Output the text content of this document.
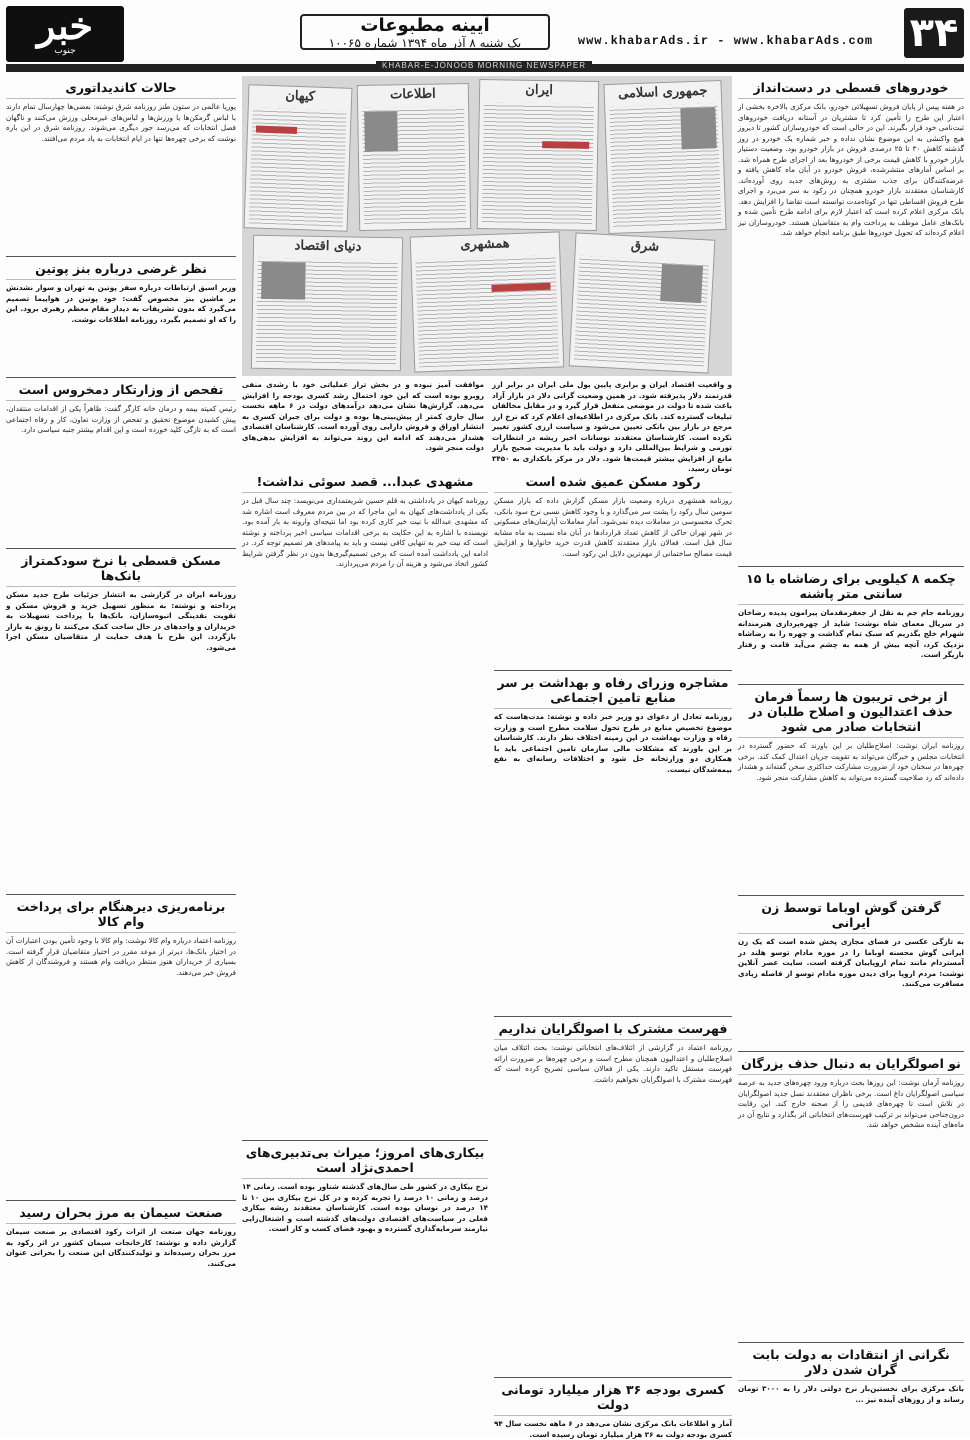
۳۴
www.khabarAds.ir - www.khabarAds.com
آیینه مطبوعات
یک شنبه ۸ آذر ماه ۱۳۹۴ شماره ۱۰۰۶۵
خبر
جنوب
KHABAR-E-JONOOB MORNING NEWSPAPER
خودروهای قسطی در دست‌انداز
در هفته پیس از پایان فروش تسهیلاتی خودرو، بانک مرکزی بالاخره بخشی از اعتبار این طرح را تأمین کرد تا مشتریان در آستانه دریافت خودروهای ثبت‌نامی خود قرار بگیرند. این در حالی است که خودروسازان کشور تا دیروز هیچ واکنشی به این موضوع نشان نداده و خبر شماره یک خودرو در روز گذشته کاهش ۳۰ تا ۲۵ درصدی فروش در بازار خودرو بود. وضعیت دستیار بازار خودرو با کاهش قیمت برخی از خودروها بعد از اجرای طرح همراه شد. بر اساس آمارهای منتشرشده، فروش خودرو در آبان ماه کاهش یافته و عرضه‌کنندگان برای جذب مشتری به روش‌های جدید روی آورده‌اند. کارشناسان معتقدند بازار خودرو همچنان در رکود به سر می‌برد و اجرای طرح فروش اقساطی تنها در کوتاه‌مدت توانسته است تقاضا را افزایش دهد. بانک مرکزی اعلام کرده است که اعتبار لازم برای ادامه طرح تأمین شده و بانک‌های عامل موظف به پرداخت وام به متقاضیان هستند. خودروسازان نیز اعلام کرده‌اند که تحویل خودروها طبق برنامه انجام خواهد شد.
چکمه ۸ کیلویی برای رضاشاه با ۱۵ سانتی متر پاشنه
روزنامه جام جم به نقل از جعفرمقدمان پیرامون پدیده رضاخان در سریال معمای شاه نوشت: شاید از چهره‌پردازی هنرمندانه شهرام خلج بگذریم که سبک تمام گذاشت و چهره را به رضاشاه نزدیک کرد، آنچه بیش از همه به چشم می‌آید قامت و رفتار بازیگر است.
از برخی تریبون ها رسماً فرمان حذف اعتدالیون و اصلاح طلبان در انتخابات صادر می شود
روزنامه ایران نوشت: اصلاح‌طلبان بر این باورند که حضور گسترده در انتخابات مجلس و خبرگان می‌تواند به تقویت جریان اعتدال کمک کند. برخی چهره‌ها در سخنان خود از ضرورت مشارکت حداکثری سخن گفته‌اند و هشدار داده‌اند که رد صلاحیت گسترده می‌تواند به کاهش مشارکت منجر شود.
گرفتن گوش اوباما توسط زن ایرانی
به تازگی عکسی در فضای مجازی پخش شده است که یک زن ایرانی گوش محسنه اوباما را در موزه مادام توسو هلند در آمستردام مانند تمام اروپاییان گرفته است. سایت عصر آنلاین نوشت: مردم اروپا برای دیدن موزه مادام توسو از فاصله زیادی مسافرت می‌کنند.
نو اصولگرایان به دنبال حذف بزرگان
روزنامه آرمان نوشت: این روزها بحث درباره ورود چهره‌های جدید به عرصه سیاسی اصولگرایان داغ است. برخی ناظران معتقدند نسل جدید اصولگرایان در تلاش است تا چهره‌های قدیمی را از صحنه خارج کند. این رقابت درون‌جناحی می‌تواند بر ترکیب فهرست‌های انتخاباتی اثر بگذارد و نتایج آن در ماه‌های آینده مشخص خواهد شد.
نگرانی از انتقادات به دولت بابت گران شدن دلار
بانک مرکزی برای نخستین‌بار نرخ دولتی دلار را به ۳۰۰۰ تومان رساند و از روزهای آینده نیز ...
جمهوری اسلامی
ایران
اطلاعات
کیهان
شرق
همشهری
دنیای اقتصاد
و واقعیت اقتصاد ایران و برابری پایین پول ملی ایران در برابر ارز قدرتمند دلار پذیرفته شود. در همین وضعیت گرانی دلار در بازار آزاد باعث شده تا دولت در موضعی منفعل قرار گیرد و در مقابل مخالفان تبلیغات گسترده کند. بانک مرکزی در اطلاعیه‌ای اعلام کرد که نرخ ارز مرجع در بازار بین بانکی تعیین می‌شود و سیاست ارزی کشور تغییر نکرده است. کارشناسان معتقدند نوسانات اخیر ریشه در انتظارات تورمی و شرایط بین‌المللی دارد و دولت باید با مدیریت صحیح بازار مانع از افزایش بیشتر قیمت‌ها شود. دلار در مرکز بانکداری به ۳۴۵۰ تومان رسید.
موافقت آمیز نبوده و در بخش تراز عملیاتی خود با رشدی منفی روبرو بوده است که این خود احتمال رشد کسری بودجه را افزایش می‌دهد. گزارش‌ها نشان می‌دهد درآمدهای دولت در ۶ ماهه نخست سال جاری کمتر از پیش‌بینی‌ها بوده و دولت برای جبران کسری به انتشار اوراق و فروش دارایی روی آورده است. کارشناسان اقتصادی هشدار می‌دهند که ادامه این روند می‌تواند به افزایش بدهی‌های دولت منجر شود.
رکود مسکن عمیق شده است
روزنامه همشهری درباره وضعیت بازار مسکن گزارش داده که بازار مسکن سومین سال رکود را پشت سر می‌گذارد و با وجود کاهش نسبی نرخ سود بانکی، تحرک محسوسی در معاملات دیده نمی‌شود. آمار معاملات آپارتمان‌های مسکونی در شهر تهران حاکی از کاهش تعداد قراردادها در آبان ماه نسبت به ماه مشابه سال قبل است. فعالان بازار معتقدند کاهش قدرت خرید خانوارها و افزایش قیمت مصالح ساختمانی از مهم‌ترین دلایل این رکود است.
مشاجره وزرای رفاه و بهداشت بر سر منابع تامین اجتماعی
روزنامه تعادل از دعوای دو وزیر خبر داده و نوشته: مدت‌هاست که موضوع تخصیص منابع در طرح تحول سلامت مطرح است و وزارت رفاه و وزارت بهداشت در این زمینه اختلاف نظر دارند. کارشناسان بر این باورند که مشکلات مالی سازمان تامین اجتماعی باید با همکاری دو وزارتخانه حل شود و اختلافات رسانه‌ای به نفع بیمه‌شدگان نیست.
فهرست مشترک با اصولگرایان نداریم
روزنامه اعتماد در گزارشی از ائتلاف‌های انتخاباتی نوشت: بحث ائتلاف میان اصلاح‌طلبان و اعتدالیون همچنان مطرح است و برخی چهره‌ها بر ضرورت ارائه فهرست مستقل تاکید دارند. یکی از فعالان سیاسی تصریح کرده است که فهرست مشترک با اصولگرایان نخواهیم داشت.
کسری بودجه ۳۶ هزار میلیارد تومانی دولت
آمار و اطلاعات بانک مرکزی نشان می‌دهد در ۶ ماهه نخست سال ۹۴ کسری بودجه دولت به ۳۶ هزار میلیارد تومان رسیده است.
مشهدی عبدا... قصد سوئی نداشت!
روزنامه کیهان در یادداشتی به قلم حسین شریعتمداری می‌نویسد: چند سال قبل در یکی از یادداشت‌های کیهان به این ماجرا که در بین مردم معروف است اشاره شد که مشهدی عبدالله با نیت خیر کاری کرده بود اما نتیجه‌ای وارونه به بار آمده بود. نویسنده با اشاره به این حکایت به برخی اقدامات سیاسی اخیر پرداخته و نوشته است که نیت خیر به تنهایی کافی نیست و باید به پیامدهای هر تصمیم توجه کرد. در ادامه این یادداشت آمده است که برخی تصمیم‌گیری‌ها بدون در نظر گرفتن شرایط کشور اتخاذ می‌شود و هزینه آن را مردم می‌پردازند.
بیکاری‌های امروز؛ میراث بی‌تدبیری‌های احمدی‌نژاد است
نرخ بیکاری در کشور طی سال‌های گذشته شناور بوده است. زمانی ۱۴ درصد و زمانی ۱۰ درصد را تجربه کرده و در کل نرخ بیکاری بین ۱۰ تا ۱۴ درصد در نوسان بوده است. کارشناسان معتقدند ریشه بیکاری فعلی در سیاست‌های اقتصادی دولت‌های گذشته است و اشتغال‌زایی نیازمند سرمایه‌گذاری گسترده و بهبود فضای کسب و کار است.
حالات کاندیداتوری
پوریا عالمی در ستون طنز روزنامه شرق نوشته: بعضی‌ها چهارسال تمام دارند با لباس گرمکن‌ها با ورزش‌ها و لباس‌های غیرمحلی ورزش می‌کنند و ناگهان فصل انتخابات که می‌رسد جور دیگری می‌شوند. روزنامه شرق در این باره نوشت که برخی چهره‌ها تنها در ایام انتخابات به یاد مردم می‌افتند.
نظر غرضی درباره بنز پوتین
وزیر اسبق ارتباطات درباره سفر پوتین به تهران و سوار نشدنش بر ماشین بنز مخصوص گفت: خود پوتین در هواپیما تصمیم می‌گیرد که بدون تشریفات به دیدار مقام معظم رهبری برود. این را که او تصمیم بگیرد، روزنامه اطلاعات نوشت.
تفحص از وزارتکار دمخروس است
رئیس کمیته بیمه و درمان خانه کارگر گفت: ظاهراً یکی از اقدامات منتقدان، پیش کشیدن موضوع تحقیق و تفحص از وزارت تعاون، کار و رفاه اجتماعی است که به تازگی کلید خورده است و این اقدام بیشتر جنبه سیاسی دارد.
مسکن قسطی با نرخ سودکمتراز بانک‌ها
روزنامه ایران در گزارشی به انتشار جزئیات طرح جدید مسکن پرداخته و نوشته: به منظور تسهیل خرید و فروش مسکن و تقویت نقدینگی انبوه‌سازان، بانک‌ها با پرداخت تسهیلات به خریداران و واحدهای در حال ساخت کمک می‌کنند تا رونق به بازار بازگردد. این طرح با هدف حمایت از متقاضیان مسکن اجرا می‌شود.
برنامه‌ریزی دیرهنگام برای پرداخت وام کالا
روزنامه اعتماد درباره وام کالا نوشت: وام کالا با وجود تأمین بودن اعتبارات آن در اختیار بانک‌ها، دیرتر از موعد مقرر در اختیار متقاضیان قرار گرفته است. بسیاری از خریداران هنوز منتظر دریافت وام هستند و فروشندگان از کاهش فروش خبر می‌دهند.
صنعت سیمان به مرز بحران رسید
روزنامه جهان صنعت از اثرات رکود اقتصادی بر صنعت سیمان گزارش داده و نوشته: کارخانجات سیمان کشور در اثر رکود به مرز بحران رسیده‌اند و تولیدکنندگان این صنعت را بحرانی عنوان می‌کنند.
